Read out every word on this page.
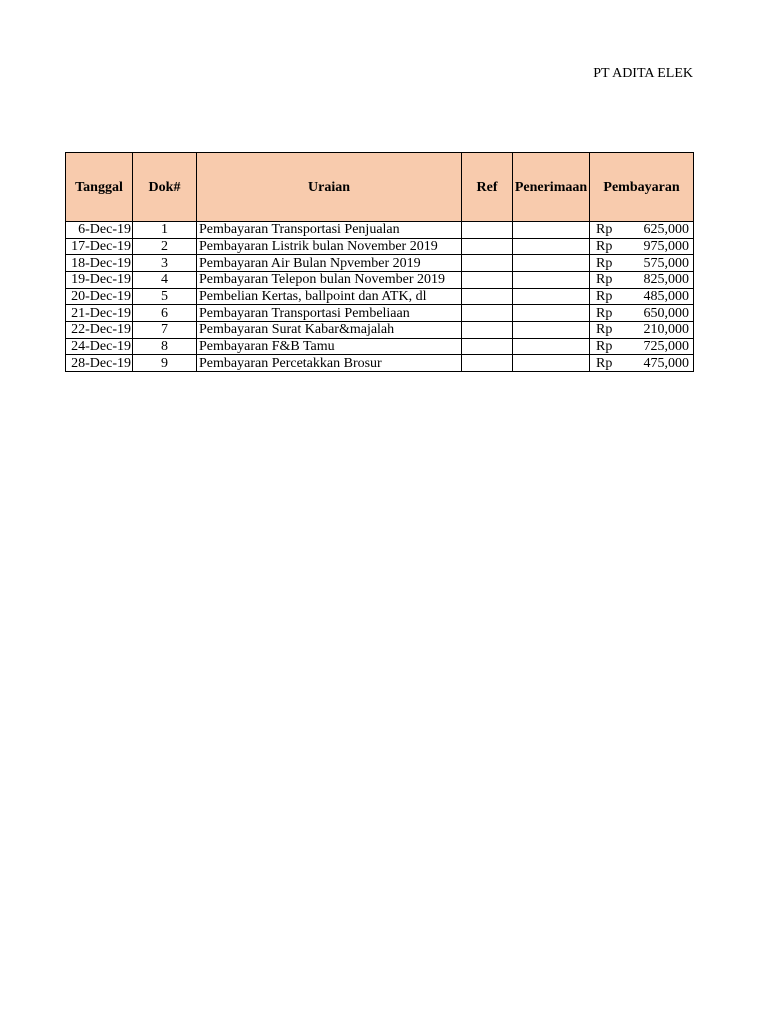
PT ADITA ELEK
Tanggal	Dok#	Uraian	Ref	Penerimaan	Pembayaran
6-Dec-19	1	Pembayaran Transportasi Penjualan			Rp 625,000

17-Dec-19	2	Pembayaran Listrik bulan November 2019			Rp 975,000

18-Dec-19	3	Pembayaran Air Bulan Npvember 2019			Rp 575,000

19-Dec-19	4	Pembayaran Telepon bulan November 2019			Rp 825,000

20-Dec-19	5	Pembelian Kertas, ballpoint dan ATK, dl			Rp 485,000

21-Dec-19	6	Pembayaran Transportasi Pembeliaan			Rp 650,000

22-Dec-19	7	Pembayaran Surat Kabar&majalah			Rp 210,000

24-Dec-19	8	Pembayaran F&B Tamu			Rp 725,000

28-Dec-19	9	Pembayaran Percetakkan Brosur			Rp 475,000
